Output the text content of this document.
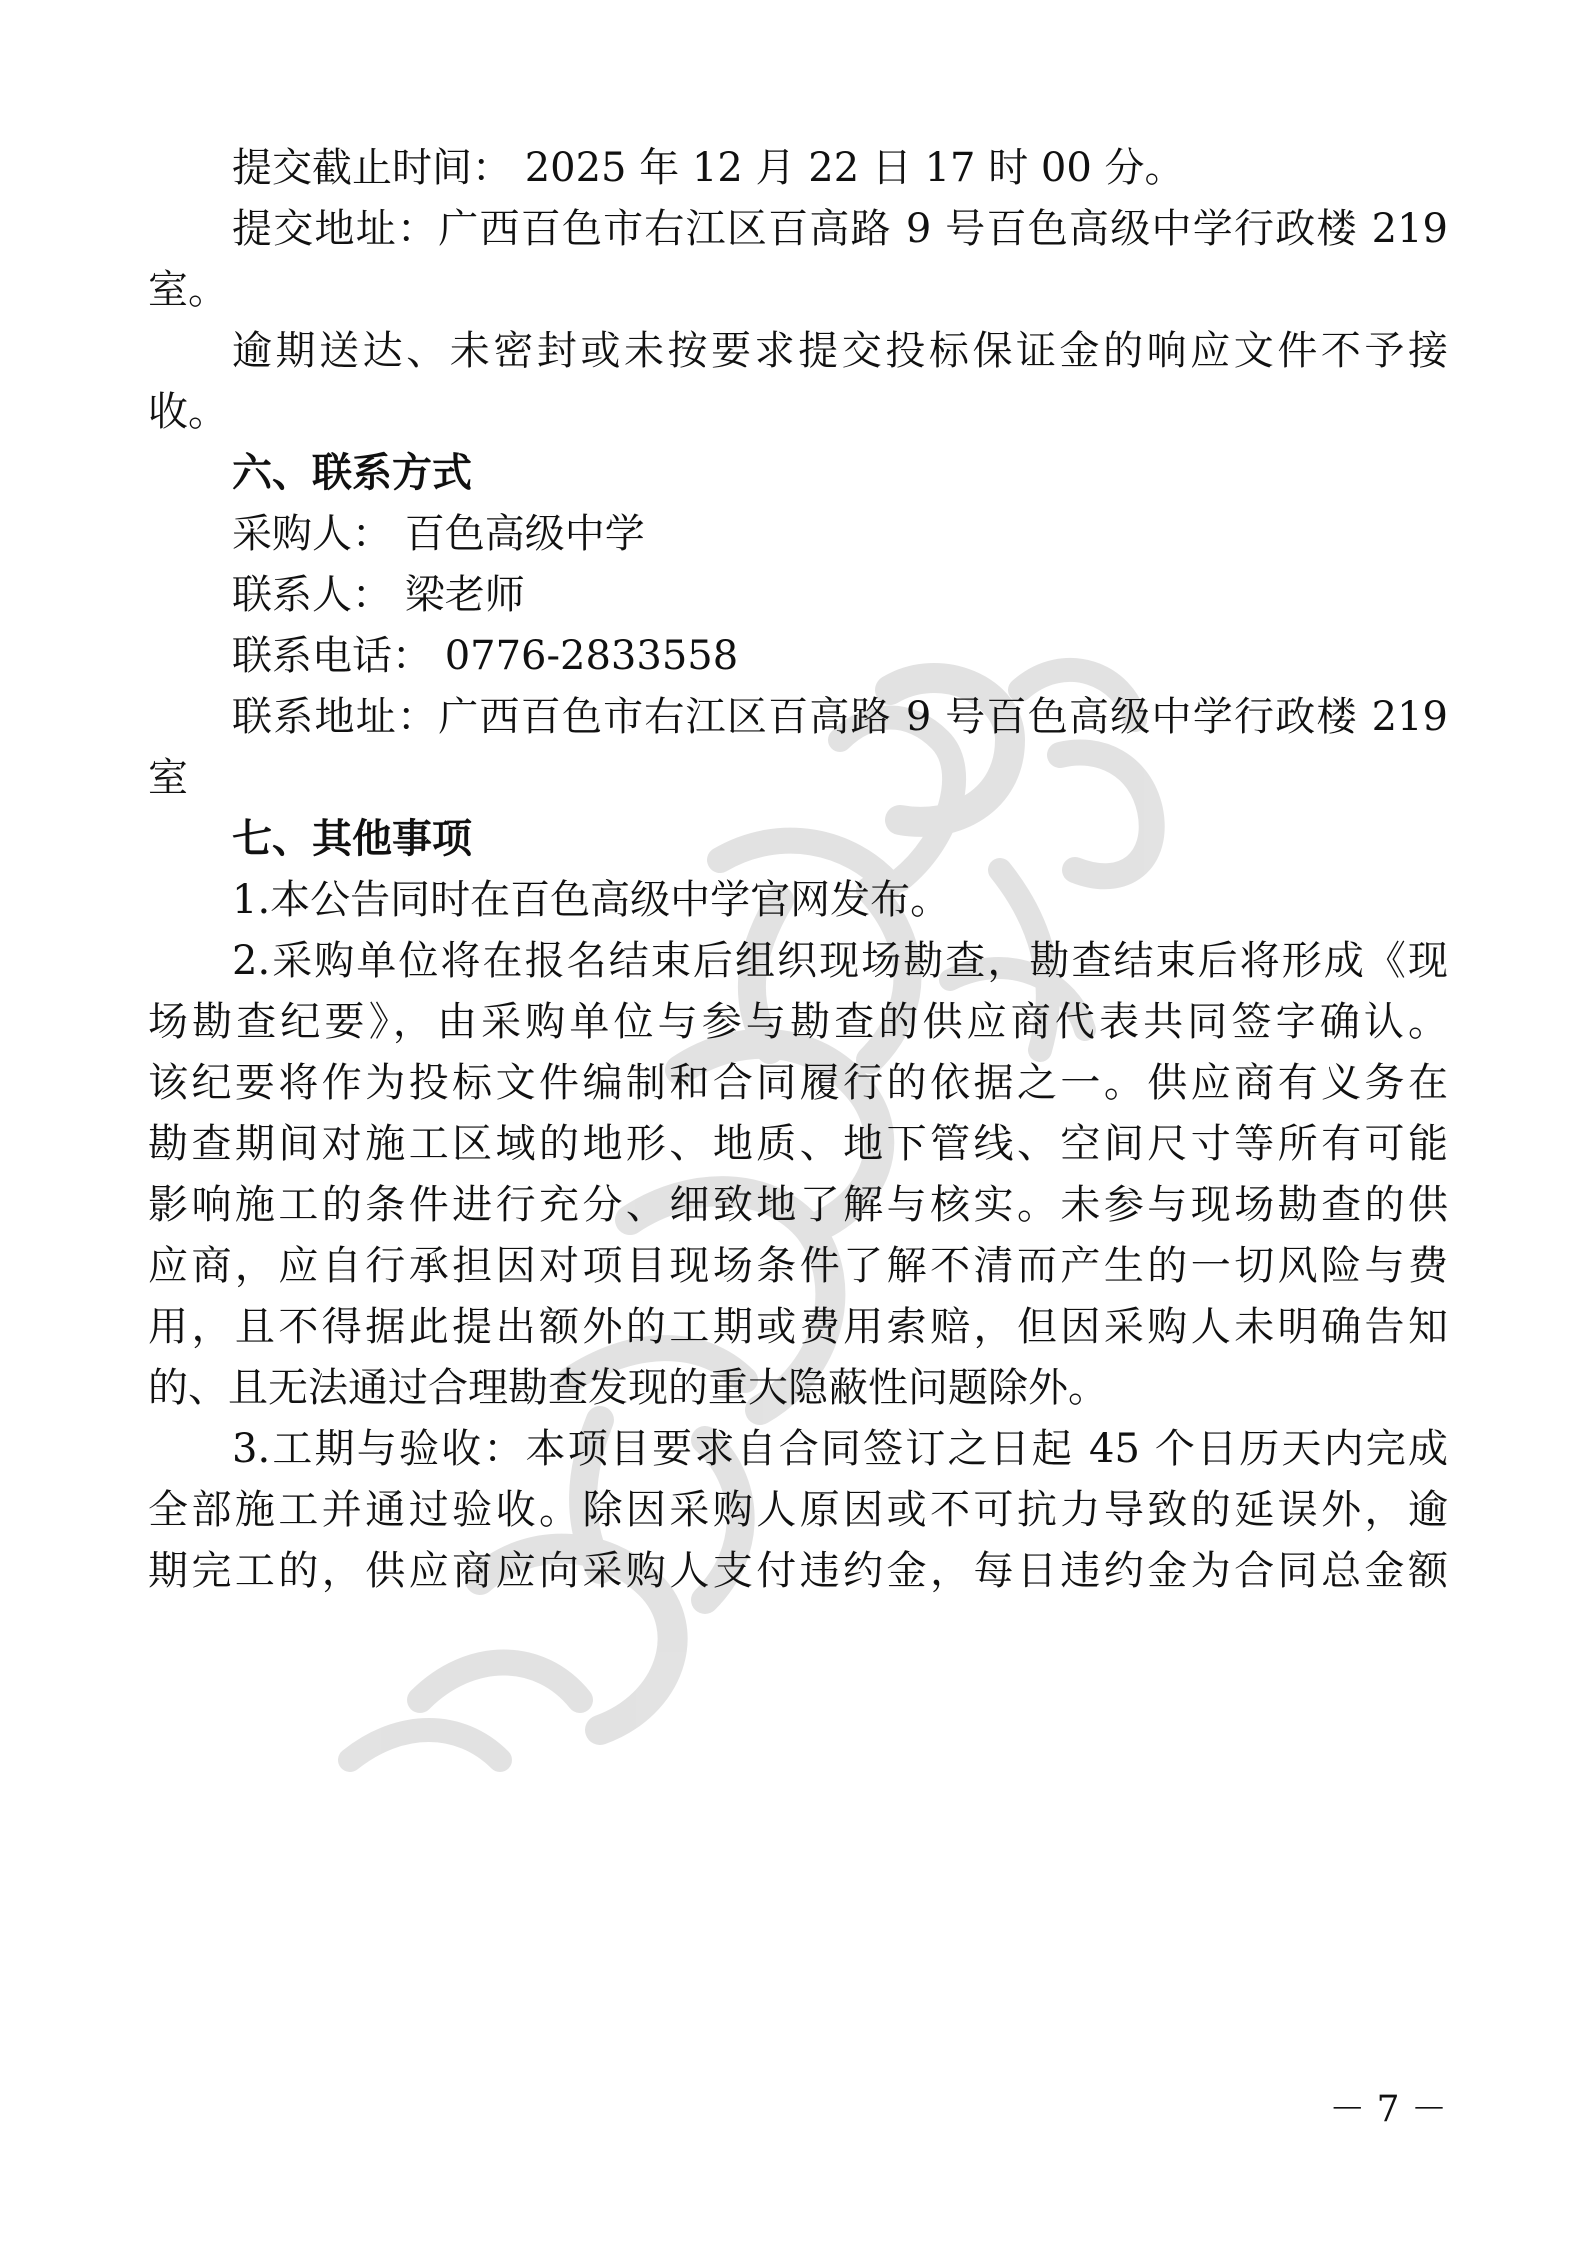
提交截止时间： 2025 年 12 月 22 日 17 时 00 分。
提交地址：广西百色市右江区百高路 9 号百色高级中学行政楼 219
室。
逾期送达、未密封或未按要求提交投标保证金的响应文件不予接
收。
六、联系方式
采购人： 百色高级中学
联系人： 梁老师
联系电话： 0776-2833558
联系地址：广西百色市右江区百高路 9 号百色高级中学行政楼 219
室
七、其他事项
1.本公告同时在百色高级中学官网发布。
2.采购单位将在报名结束后组织现场勘查，勘查结束后将形成《现
场勘查纪要》，由采购单位与参与勘查的供应商代表共同签字确认。
该纪要将作为投标文件编制和合同履行的依据之一。供应商有义务在
勘查期间对施工区域的地形、地质、地下管线、空间尺寸等所有可能
影响施工的条件进行充分、细致地了解与核实。未参与现场勘查的供
应商，应自行承担因对项目现场条件了解不清而产生的一切风险与费
用，且不得据此提出额外的工期或费用索赔，但因采购人未明确告知
的、且无法通过合理勘查发现的重大隐蔽性问题除外。
3.工期与验收：本项目要求自合同签订之日起 45 个日历天内完成
全部施工并通过验收。除因采购人原因或不可抗力导致的延误外，逾
期完工的，供应商应向采购人支付违约金，每日违约金为合同总金额
－ 7 －
